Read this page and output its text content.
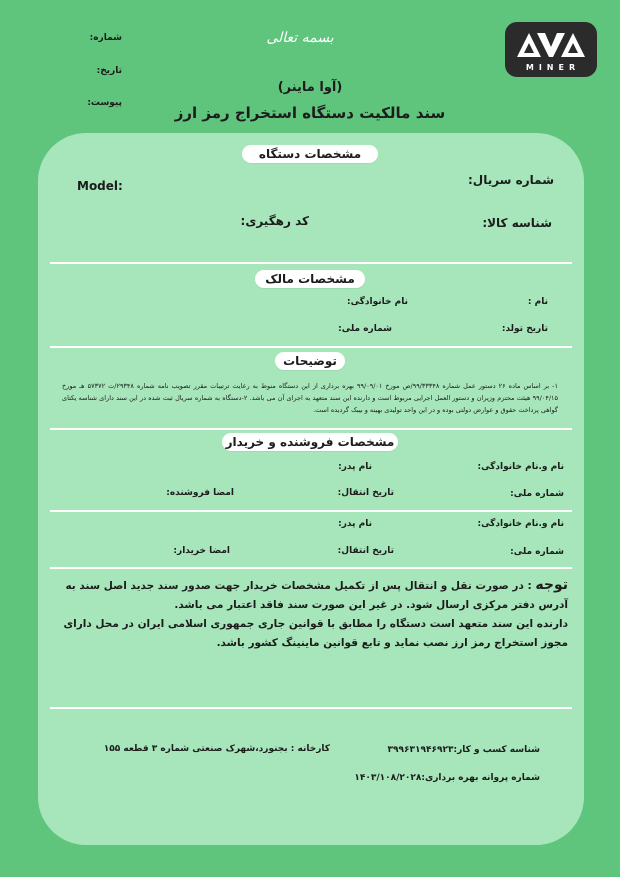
MINER
شماره:
تاریخ:
پیوست:
بسمه تعالی
(آوا ماینر)
سند مالکیت دستگاه استخراج رمز ارز
مشخصات دستگاه
شماره سریال:
Model:
شناسه کالا:
کد رهگیری:
مشخصات مالک
نام :
نام خانوادگی:
تاریخ تولد:
شماره ملی:
توضیحات
۱- بر اساس ماده ۲۶ دستور عمل شماره ۹۹/۳۳۳۴۸/ص مورخ ۹۹/۰۹/۰۱ بهره برداری از این دستگاه منوط به رعایت ترتیبات مقرر تصویب نامه شماره ۲۹۳۴۸/ت ۵۷۳۷۲ هـ مورخ ۹۹/۰۴/۱۵ هیئت محترم وزیران و دستور العمل اجرایی مربوط است و دارنده این سند متعهد به اجرای آن می باشد. ۲-دستگاه به شماره سریال ثبت شده در این سند دارای شناسه یکتای گواهی پرداخت حقوق و عوارض دولتی بوده و در این واحد تولیدی بهینه و بیبک گردیده است.
مشخصات فروشنده و خریدار
نام و.نام خانوادگی:
نام پدر:
شماره ملی:
تاریخ انتقال:
امضا فروشنده:
نام و.نام خانوادگی:
نام پدر:
شماره ملی:
تاریخ انتقال:
امضا خریدار:
توجه : در صورت نقل و انتقال پس از تکمیل مشخصات خریدار جهت صدور سند جدید اصل سند به آدرس دفتر مرکزی ارسال شود. در غیر این صورت سند فاقد اعتبار می باشد.
دارنده این سند متعهد است دستگاه را مطابق با قوانین جاری جمهوری اسلامی ایران در محل دارای مجوز استخراج رمز ارز نصب نماید و تابع قوانین ماینینگ کشور باشد.
شناسه کسب و کار:۳۹۹۶۳۱۹۴۶۹۲۳
شماره پروانه بهره برداری:۱۴۰۳/۱۰۸/۲۰۲۸
کارخانه : بجنورد،شهرک صنعتی شماره ۳ قطعه ۱۵۵
